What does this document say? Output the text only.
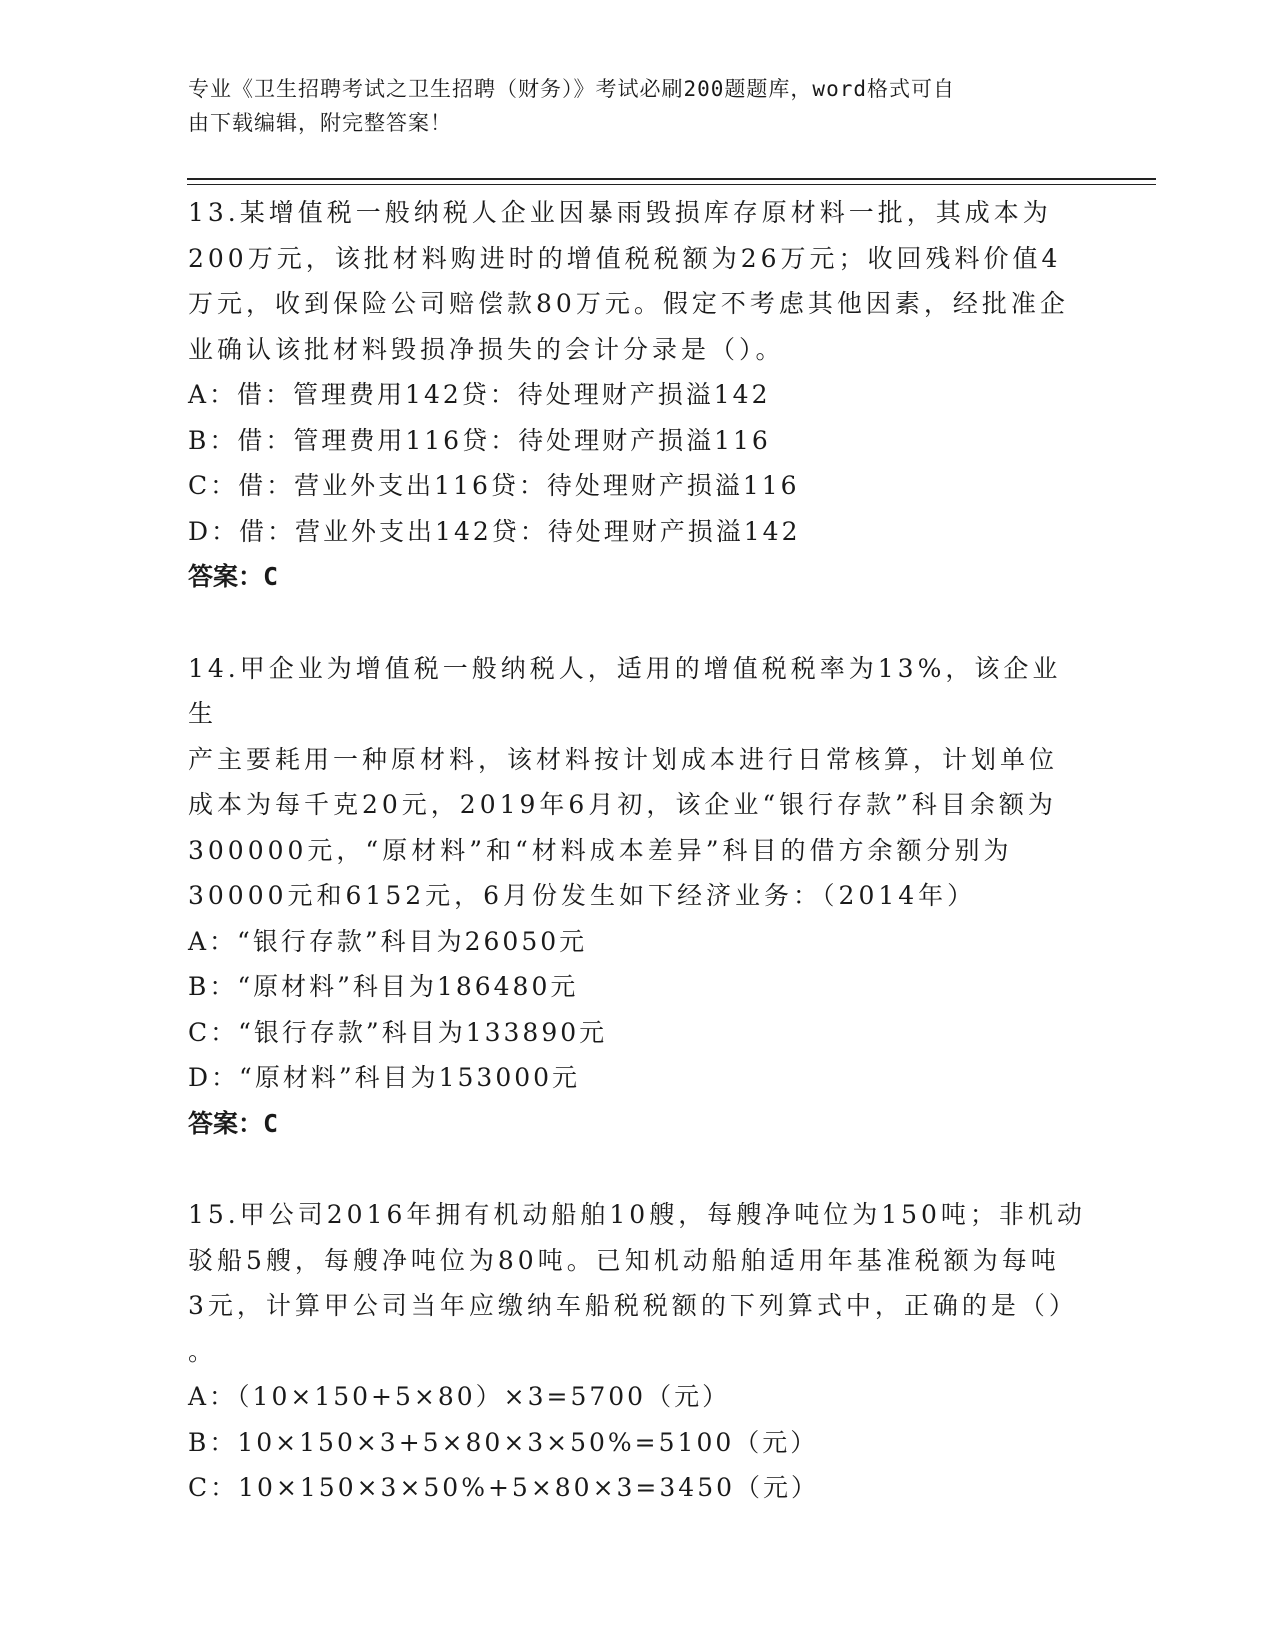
专业《卫生招聘考试之卫生招聘（财务）》考试必刷200题题库，word格式可自
由下载编辑，附完整答案！

13.某增值税一般纳税人企业因暴雨毁损库存原材料一批，其成本为

200万元，该批材料购进时的增值税税额为26万元；收回残料价值4

万元，收到保险公司赔偿款80万元。假定不考虑其他因素，经批准企

业确认该批材料毁损净损失的会计分录是（）。

A：借：管理费用142贷：待处理财产损溢142

B：借：管理费用116贷：待处理财产损溢116

C：借：营业外支出116贷：待处理财产损溢116

D：借：营业外支出142贷：待处理财产损溢142

答案：C

14.甲企业为增值税一般纳税人，适用的增值税税率为13%，该企业生

产主要耗用一种原材料，该材料按计划成本进行日常核算，计划单位

成本为每千克20元，2019年6月初，该企业“银行存款”科目余额为

300000元，“原材料”和“材料成本差异”科目的借方余额分别为

30000元和6152元，6月份发生如下经济业务：（2014年）

A：“银行存款”科目为26050元

B：“原材料”科目为186480元

C：“银行存款”科目为133890元

D：“原材料”科目为153000元

答案：C

15.甲公司2016年拥有机动船舶10艘，每艘净吨位为150吨；非机动

驳船5艘，每艘净吨位为80吨。已知机动船舶适用年基准税额为每吨

3元，计算甲公司当年应缴纳车船税税额的下列算式中，正确的是（）

。

A：（10×150+5×80）×3=5700（元）

B：10×150×3+5×80×3×50%=5100（元）

C：10×150×3×50%+5×80×3=3450（元）
